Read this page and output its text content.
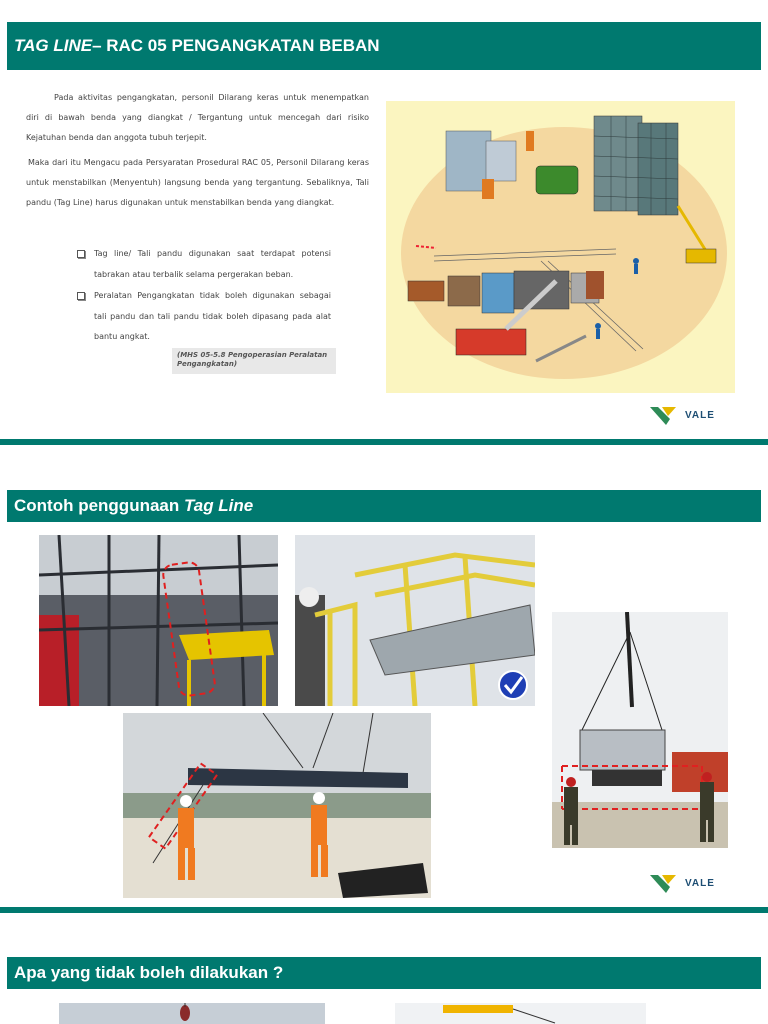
TAG LINE– RAC 05 PENGANGKATAN BEBAN
Pada aktivitas pengangkatan, personil Dilarang keras untuk menempatkan diri di bawah benda yang diangkat / Tergantung untuk mencegah dari risiko Kejatuhan benda dan anggota tubuh terjepit.
Maka dari itu Mengacu pada Persyaratan Prosedural RAC 05, Personil Dilarang keras untuk menstabilkan (Menyentuh) langsung benda yang tergantung. Sebaliknya, Tali pandu (Tag Line) harus digunakan untuk menstabilkan benda yang diangkat.
Tag line/ Tali pandu digunakan saat terdapat potensi tabrakan atau terbalik selama pergerakan beban.
Peralatan Pengangkatan tidak boleh digunakan sebagai tali pandu dan tali pandu tidak boleh dipasang pada alat bantu angkat.
(MHS 05-5.8 Pengoperasian Peralatan Pengangkatan)
VALE
Contoh penggunaan Tag Line
VALE
Apa yang tidak boleh dilakukan ?
